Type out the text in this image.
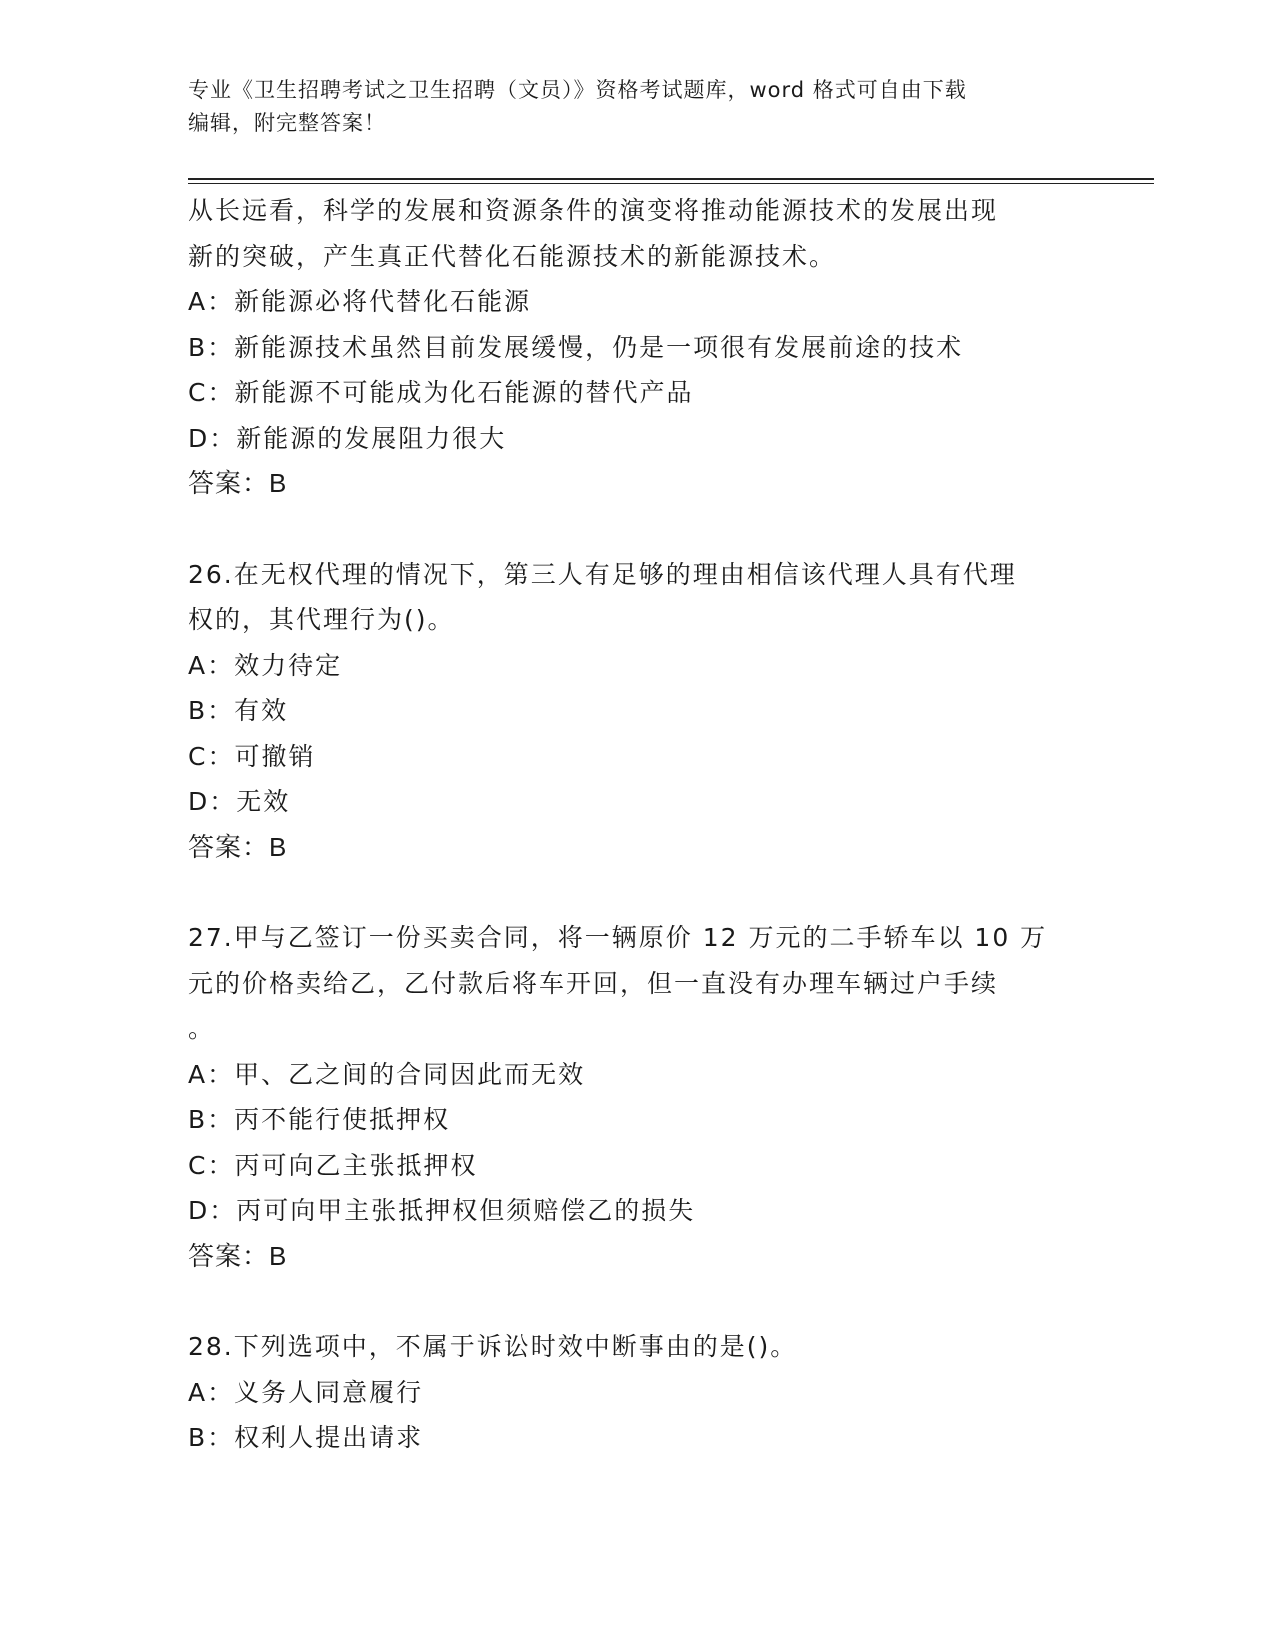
专业《卫生招聘考试之卫生招聘（文员）》资格考试题库，word 格式可自由下载
编辑，附完整答案！
从长远看，科学的发展和资源条件的演变将推动能源技术的发展出现
新的突破，产生真正代替化石能源技术的新能源技术。
A：新能源必将代替化石能源
B：新能源技术虽然目前发展缓慢，仍是一项很有发展前途的技术
C：新能源不可能成为化石能源的替代产品
D：新能源的发展阻力很大
答案：B
26.在无权代理的情况下，第三人有足够的理由相信该代理人具有代理
权的，其代理行为()。
A：效力待定
B：有效
C：可撤销
D：无效
答案：B
27.甲与乙签订一份买卖合同，将一辆原价 12 万元的二手轿车以 10 万
元的价格卖给乙，乙付款后将车开回，但一直没有办理车辆过户手续
。
A：甲、乙之间的合同因此而无效
B：丙不能行使抵押权
C：丙可向乙主张抵押权
D：丙可向甲主张抵押权但须赔偿乙的损失
答案：B
28.下列选项中，不属于诉讼时效中断事由的是()。
A：义务人同意履行
B：权利人提出请求
